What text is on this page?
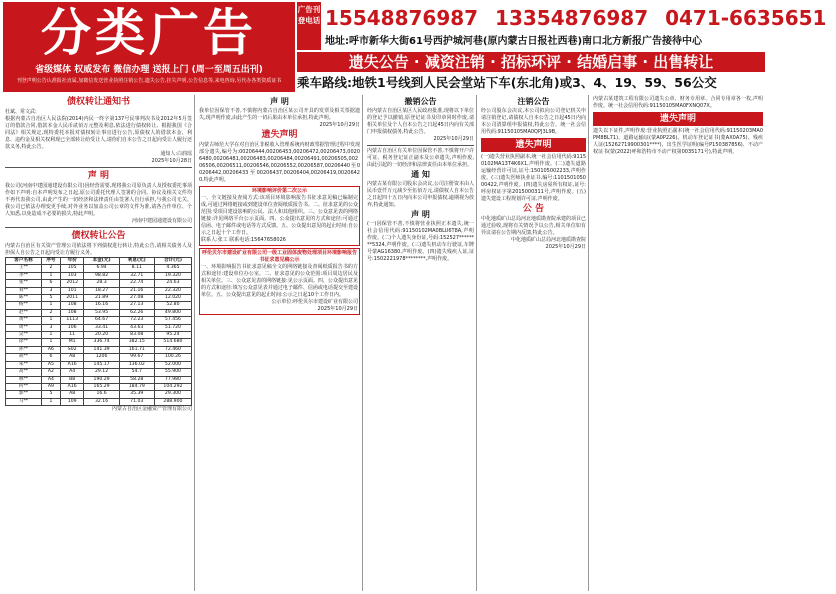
分类广告
省级媒体 权威发布 微信办理 送报上门 (周一至周五出刊)
刊登声明公告认准报社直属,加微信发送营业执照注销公告,遗失公告,挂失声明,公告信息等,来电咨询,另代办各类资质证书
广告刊登电话 15548876987 13354876987 0471-6635651
地址:呼市新华大街61号西护城河巷(原内蒙古日报社西巷)南口北方新报广告接待中心
遗失公告 · 减资注销 · 招标环评 · 结婚启事 · 出售转让
乘车路线:地铁1号线到人民会堂站下车(东北角)或3、4、19、59、56公交
债权转让通知书

杜斌、常文武:

根据内蒙古自治区人民法院(2014)内民一终字第137号民事判决书及2012年5月签订的借款合同,借款本金人民币贰佰万元整及利息,依法进行债权转让。根据我国《合同法》相关规定,现特委托本报对债权转让事宜进行公告,原债权人的借款本金、利息、违约金及相关权利现已全部转让给受让人,请你们自本公告之日起向受让人履行还款义务,特此公告。

通知人:白润瑶

2025年10月28日

声 明

我公司(河南中建园通建设有限公司)因经营需要,现将我公司原负责人及授权委托事项作如下声明:自本声明发布之日起,原公司委托代理人签署的合同、协议及相关文件均不再代表我公司,由此产生的一切经济和法律责任由签署人自行承担,与我公司无关。我公司已依法办理变更手续,对外业务以加盖公司公章的文件为准,请各合作单位、个人知悉,以免造成不必要的损失,特此声明。

河南中建园通建设有限公司

债权转让公告

内蒙古自治区有关资产管理公司依法将下列债权进行转让,特此公告,请相关债务人及担保人自公告之日起向受让方履行义务。

客户名称	序号	年份	本金(元)	利息(元)	合计(元)
王**	2	105	6.94	8.11	4.365
李**	1	103	98.82	32.71	19.320
张**	6	2012	28.3	22.74	24.63
刘**	3	101	18.27	21.16	22.320
陈**	5	2011	21.89	27.08	12.020
杨**	1	108	16.16	27.13	52.80
赵**	2	108	53.95	62.26	49.800
黄**	1	1113	64.67	72.23	57.456
周**	3	106	33.41	43.63	51.720
吴**	1	11	20.20	83.08	95.24
徐**	1	M1	336.74	382.15	514.680
孙**	A6	S02	141.39	161.71	72.460
胡**	6	A8	1206	99.67	100.26
朱**	A5	A16	145.17	136.02	52.000
高**	A2	A4	29.12	54.7	55.900
林**	A4	B8	190.29	58.28	77.980
何**	A9	A16	165.29	184.79	104.292
郭**	5	A8	16.6	35.39	29.300
马**	1	109	32.16	71.03	288.900

内蒙古自治区金融资产管理有限公司

声 明

我单位因保管不善,不慎将内蒙古自治区某公司开具的发票及相关票据遗失,现声明作废,由此产生的一切后果由本单位承担,特此声明。

2025年10月29日

遗失声明

内蒙古师范大学在对自治区非税收入管理系统内财政票据管理过程中发现部分遗失,编号为:00206444,00206453,00206472,00206473,00206480,00206481,00206483,00206484,00206491,00206505,00206506,00206511,00206546,00206552,00206587,00206440至00206442,00206433至00206437,00206404,00206419,00206420,特此声明。

环境影响评价第二次公示

一、全文链接及查阅方式:该项目环境影响报告书征求意见稿已编制完成,可通过网络链接或到建设单位查阅纸质报告书。二、征求意见的公众范围:受项目建设影响的公民、法人和其他组织。三、公众意见表的网络链接:详见网络平台公示页面。四、公众提出意见的方式和途径:可通过信函、电子邮件或电话等方式反馈。五、公众提出意见的起止时间:自公示之日起十个工作日。

联系人:张工 联系电话:15647658026

呼伦贝尔市建设矿业有限公司一级工业固体废物处理项目环境影响报告书征求意见稿公示

一、环境影响报告书征求意见稿全文的网络链接及查阅纸质报告书的方式和途径:建设单位办公室。二、征求意见的公众范围:项目周边居民及相关单位。三、公众意见表的网络链接:见公示页面。四、公众提出意见的方式和途径:填写公众意见表并通过电子邮件、信函或电话提交至建设单位。五、公众提出意见的起止时间:公示之日起10个工作日内。

公示单位:呼伦贝尔市建设矿业有限公司

2025年10月29日

撤销公告

经内蒙古自治区某区人民政府批准,现将以下单位的登记予以撤销,原登记证书及印章同时作废,请相关单位及个人自本公告之日起45日内向有关部门申报债权债务,特此公告。

2025年10月29日

内蒙古自治区有关单位因保管不善,不慎将开户许可证、税务登记证正副本及公章遗失,声明作废,由此引起的一切经济和法律责任由本单位承担。

通 知

内蒙古某有限公司股东会决议,公司注册资本由人民币壹仟万元减少至伍佰万元,请债权人自本公告之日起四十五日内向本公司申报债权,逾期视为放弃,特此通知。

声 明

(一)因保管不善,不慎将营业执照正本遗失,统一社会信用代码:91150102MA0BLU6T8A,声明作废。(二)个人遗失身份证,号码:152527********5324,声明作废。(三)遗失机动车行驶证,车牌号蒙AG16380,声明作废。(四)遗失残疾人证,证号:1502221978********,声明作废。

注销公告

经公司股东会决议,本公司拟向公司登记机关申请注销登记,请债权人自本公告之日起45日内向本公司清算组申报债权,特此公告。统一社会信用代码:91150105MA0QPJ3L9B。

遗失声明

(一)遗失营业执照副本,统一社会信用代码:91150102MA13T4K6X1,声明作废。(二)遗失道路运输经营许可证,证号:150105002233,声明作废。(三)遗失医师执业证书,编号:110150105000422,声明作废。(四)遗失房屋所有权证,证号:呼房权证字第2015000311号,声明作废。(五)遗失建设工程规划许可证,声明作废。

公 告

中化地质矿山总局河北地质勘查院承建的项目已通过验收,现将有关情况予以公告,相关单位如有异议请在公告期内反馈,特此公告。

中化地质矿山总局河北地质勘查院

2025年10月29日

内蒙古某建筑工程有限公司遗失公章、财务专用章、合同专用章各一枚,声明作废。统一社会信用代码:91150105MA0FXNQ07X。

遗失声明

遗失以下证件,声明作废:营业执照正副本(统一社会信用代码:91150203MA0PM8BL71)、道路运输证(蒙A0P226)、机动车登记证书(蒙AX0A75)、残疾人证(15262719900301****)、出生医学证明(编号P150387856)、不动产权证书(蒙(2022)呼和浩特市不动产权第0035171号),特此声明。
